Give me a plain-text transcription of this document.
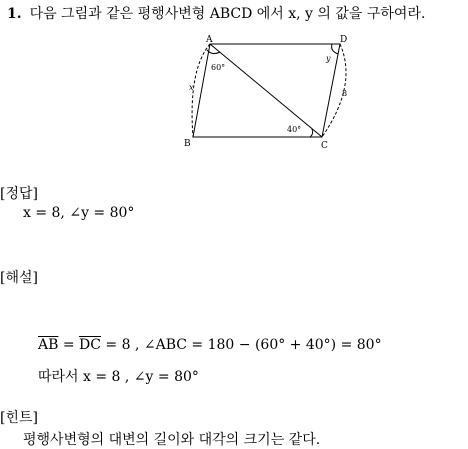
1. 다음 그림과 같은 평행사변형 ABCD 에서 x, y 의 값을 구하여라.
A	D
B	C
60°
40°
x
8
y
[정답]
x = 8, ∠y = 80°
[해설]
$\overline{AB} = \overline{DC} = 8$ , ∠ABC = 180 − (60° + 40°) = 80°
따라서 x = 8 , ∠y = 80°
[힌트]
평행사변형의 대변의 길이와 대각의 크기는 같다.
